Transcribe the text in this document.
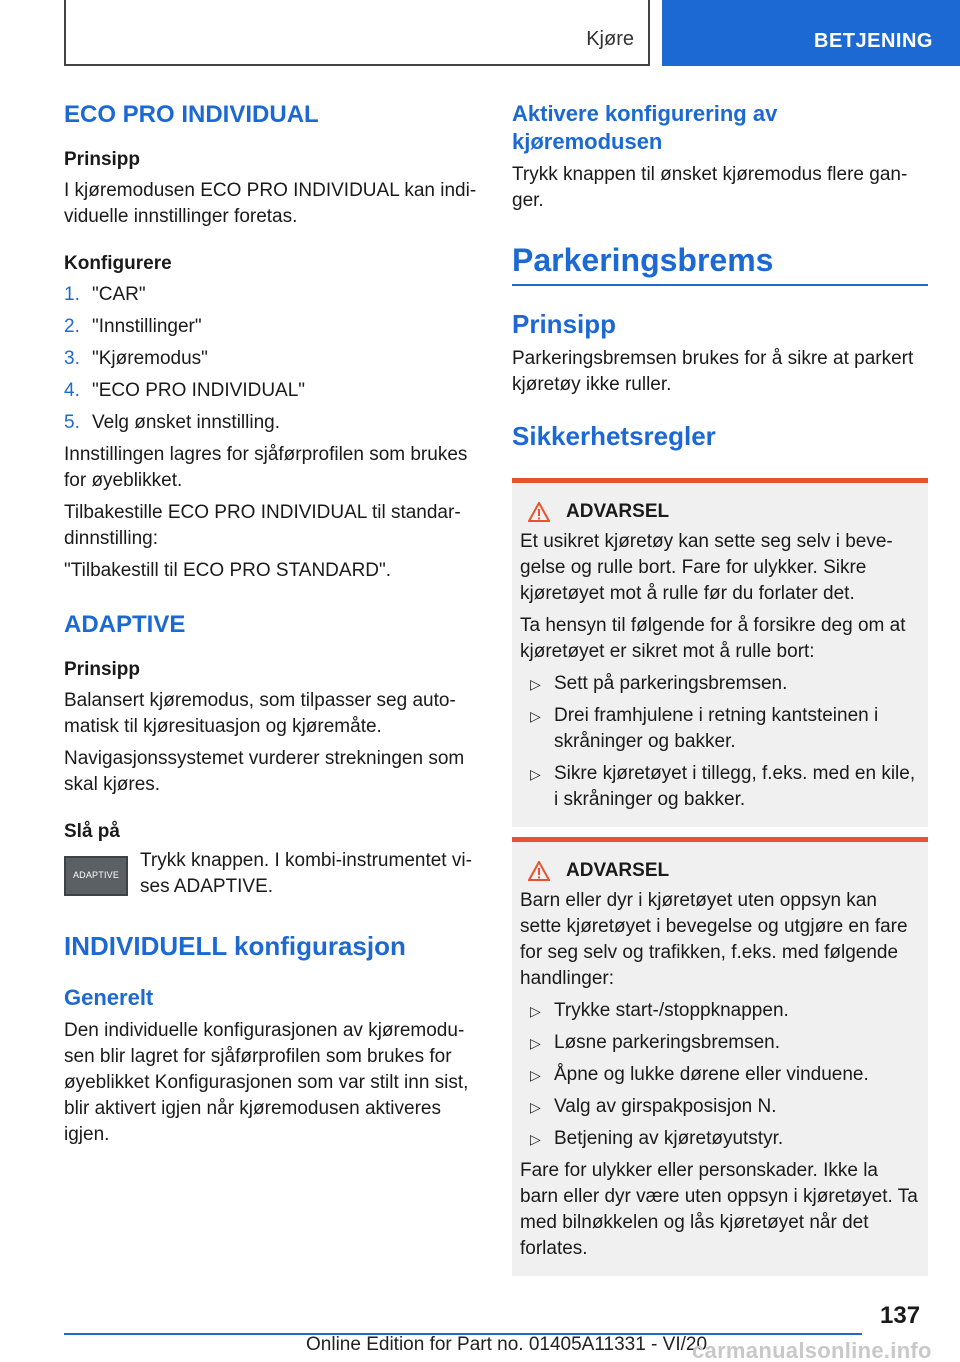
Kjøre	BETJENING
ECO PRO INDIVIDUAL
Prinsipp

I kjøremodusen ECO PRO INDIVIDUAL kan individuelle innstillinger foretas.

Konfigurere
1. "CAR"
2. "Innstillinger"
3. "Kjøremodus"
4. "ECO PRO INDIVIDUAL"
5. Velg ønsket innstilling.

Innstillingen lagres for sjåførprofilen som brukes for øyeblikket.

Tilbakestille ECO PRO INDIVIDUAL til standardinnstilling:

"Tilbakestill til ECO PRO STANDARD".

ADAPTIVE
Prinsipp

Balansert kjøremodus, som tilpasser seg automatisk til kjøresituasjon og kjøremåte.

Navigasjonssystemet vurderer strekningen som skal kjøres.

Slå på
ADAPTIVE

Trykk knappen. I kombi-instrumentet vises ADAPTIVE.

INDIVIDUELL konfigurasjon
Generelt

Den individuelle konfigurasjonen av kjøremodusen blir lagret for sjåførprofilen som brukes for øyeblikket Konfigurasjonen som var stilt inn sist, blir aktivert igjen når kjøremodusen aktiveres igjen.

Aktivere konfigurering av kjøremodusen

Trykk knappen til ønsket kjøremodus flere ganger.

Parkeringsbrems
Prinsipp

Parkeringsbremsen brukes for å sikre at parkert kjøretøy ikke ruller.

Sikkerhetsregler
ADVARSEL

Et usikret kjøretøy kan sette seg selv i bevegelse og rulle bort. Fare for ulykker. Sikre kjøretøyet mot å rulle før du forlater det.

Ta hensyn til følgende for å forsikre deg om at kjøretøyet er sikret mot å rulle bort:

▷ Sett på parkeringsbremsen.
▷ Drei framhjulene i retning kantsteinen i skråninger og bakker.
▷ Sikre kjøretøyet i tillegg, f.eks. med en kile, i skråninger og bakker.
ADVARSEL

Barn eller dyr i kjøretøyet uten oppsyn kan sette kjøretøyet i bevegelse og utgjøre en fare for seg selv og trafikken, f.eks. med følgende handlinger:

▷ Trykke start-/stoppknappen.
▷ Løsne parkeringsbremsen.
▷ Åpne og lukke dørene eller vinduene.
▷ Valg av girspakposisjon N.
▷ Betjening av kjøretøyutstyr.

Fare for ulykker eller personskader. Ikke la barn eller dyr være uten oppsyn i kjøretøyet. Ta med bilnøkkelen og lås kjøretøyet når det forlates.

137
Online Edition for Part no. 01405A11331 - VI/20
carmanualsonline.info
